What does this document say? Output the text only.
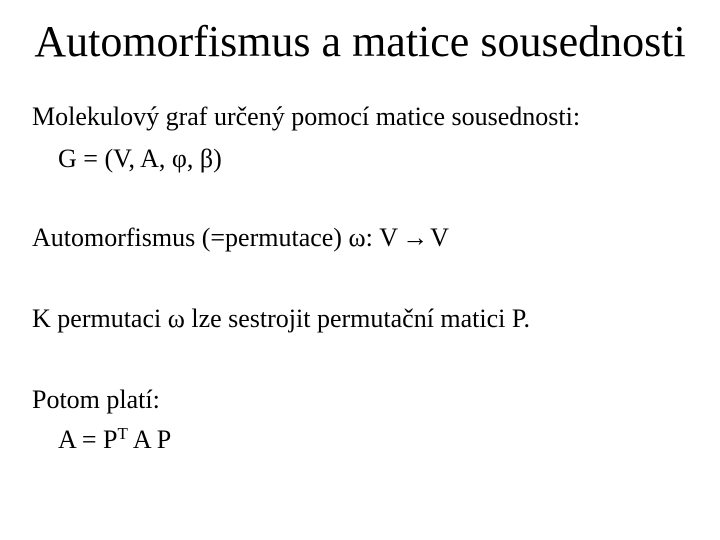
Automorfismus a matice sousednosti
Molekulový graf určený pomocí matice sousednosti:
G = (V, A, φ, β)
Automorfismus (=permutace) ω: V →V
K permutaci ω lze sestrojit permutační matici P.
Potom platí:
$A = P^T$ A P
